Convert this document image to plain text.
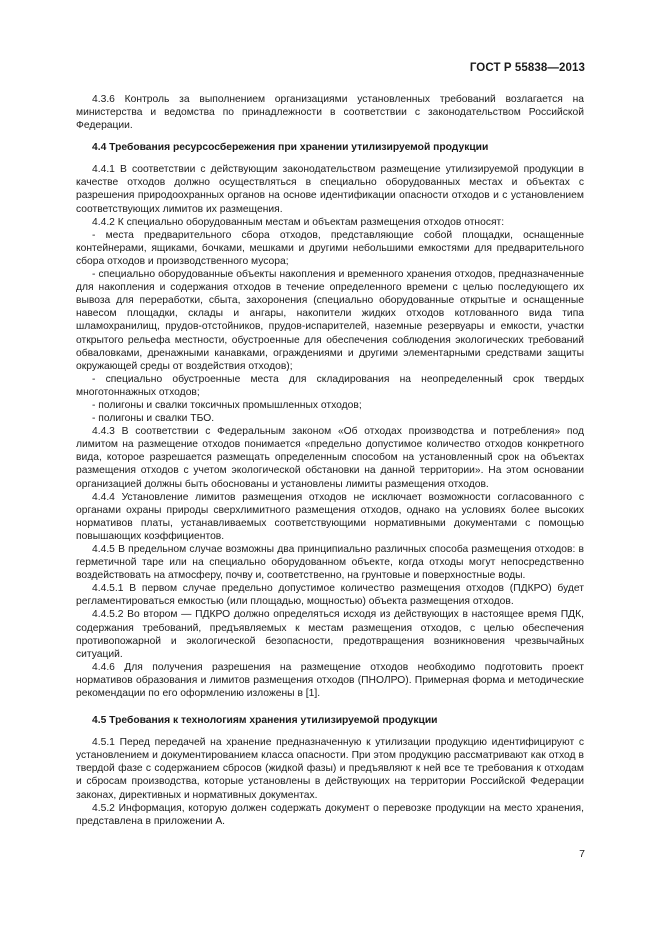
ГОСТ Р 55838—2013

4.3.6 Контроль за выполнением организациями установленных требований возлагается на министерства и ведомства по принадлежности в соответствии с законодательством Российской Федерации.

4.4 Требования ресурсосбережения при хранении утилизируемой продукции

4.4.1 В соответствии с действующим законодательством размещение утилизируемой продукции в качестве отходов должно осуществляться в специально оборудованных местах и объектах с разрешения природоохранных органов на основе идентификации опасности отходов и с установлением соответствующих лимитов их размещения.

4.4.2 К специально оборудованным местам и объектам размещения отходов относят:

- места предварительного сбора отходов, представляющие собой площадки, оснащенные контейнерами, ящиками, бочками, мешками и другими небольшими емкостями для предварительного сбора отходов и производственного мусора;

- специально оборудованные объекты накопления и временного хранения отходов, предназначенные для накопления и содержания отходов в течение определенного времени с целью последующего их вывоза для переработки, сбыта, захоронения (специально оборудованные открытые и оснащенные навесом площадки, склады и ангары, накопители жидких отходов котлованного вида типа шламохранилищ, прудов-отстойников, прудов-испарителей, наземные резервуары и емкости, участки открытого рельефа местности, обустроенные для обеспечения соблюдения экологических требований обваловками, дренажными канавками, ограждениями и другими элементарными средствами защиты окружающей среды от воздействия отходов);

- специально обустроенные места для складирования на неопределенный срок твердых многотоннажных отходов;

- полигоны и свалки токсичных промышленных отходов;

- полигоны и свалки ТБО.

4.4.3 В соответствии с Федеральным законом «Об отходах производства и потребления» под лимитом на размещение отходов понимается «предельно допустимое количество отходов конкретного вида, которое разрешается размещать определенным способом на установленный срок на объектах размещения отходов с учетом экологической обстановки на данной территории». На этом основании организацией должны быть обоснованы и установлены лимиты размещения отходов.

4.4.4 Установление лимитов размещения отходов не исключает возможности согласованного с органами охраны природы сверхлимитного размещения отходов, однако на условиях более высоких нормативов платы, устанавливаемых соответствующими нормативными документами с помощью повышающих коэффициентов.

4.4.5 В предельном случае возможны два принципиально различных способа размещения отходов: в герметичной таре или на специально оборудованном объекте, когда отходы могут непосредственно воздействовать на атмосферу, почву и, соответственно, на грунтовые и поверхностные воды.

4.4.5.1 В первом случае предельно допустимое количество размещения отходов (ПДКРО) будет регламентироваться емкостью (или площадью, мощностью) объекта размещения отходов.

4.4.5.2 Во втором — ПДКРО должно определяться исходя из действующих в настоящее время ПДК, содержания требований, предъявляемых к местам размещения отходов, с целью обеспечения противопожарной и экологической безопасности, предотвращения возникновения чрезвычайных ситуаций.

4.4.6 Для получения разрешения на размещение отходов необходимо подготовить проект нормативов образования и лимитов размещения отходов (ПНОЛРО). Примерная форма и методические рекомендации по его оформлению изложены в [1].

4.5 Требования к технологиям хранения утилизируемой продукции

4.5.1 Перед передачей на хранение предназначенную к утилизации продукцию идентифицируют с установлением и документированием класса опасности. При этом продукцию рассматривают как отход в твердой фазе с содержанием сбросов (жидкой фазы) и предъявляют к ней все те требования к отходам и сбросам производства, которые установлены в действующих на территории Российской Федерации законах, директивных и нормативных документах.

4.5.2 Информация, которую должен содержать документ о перевозке продукции на место хранения, представлена в приложении А.

7
